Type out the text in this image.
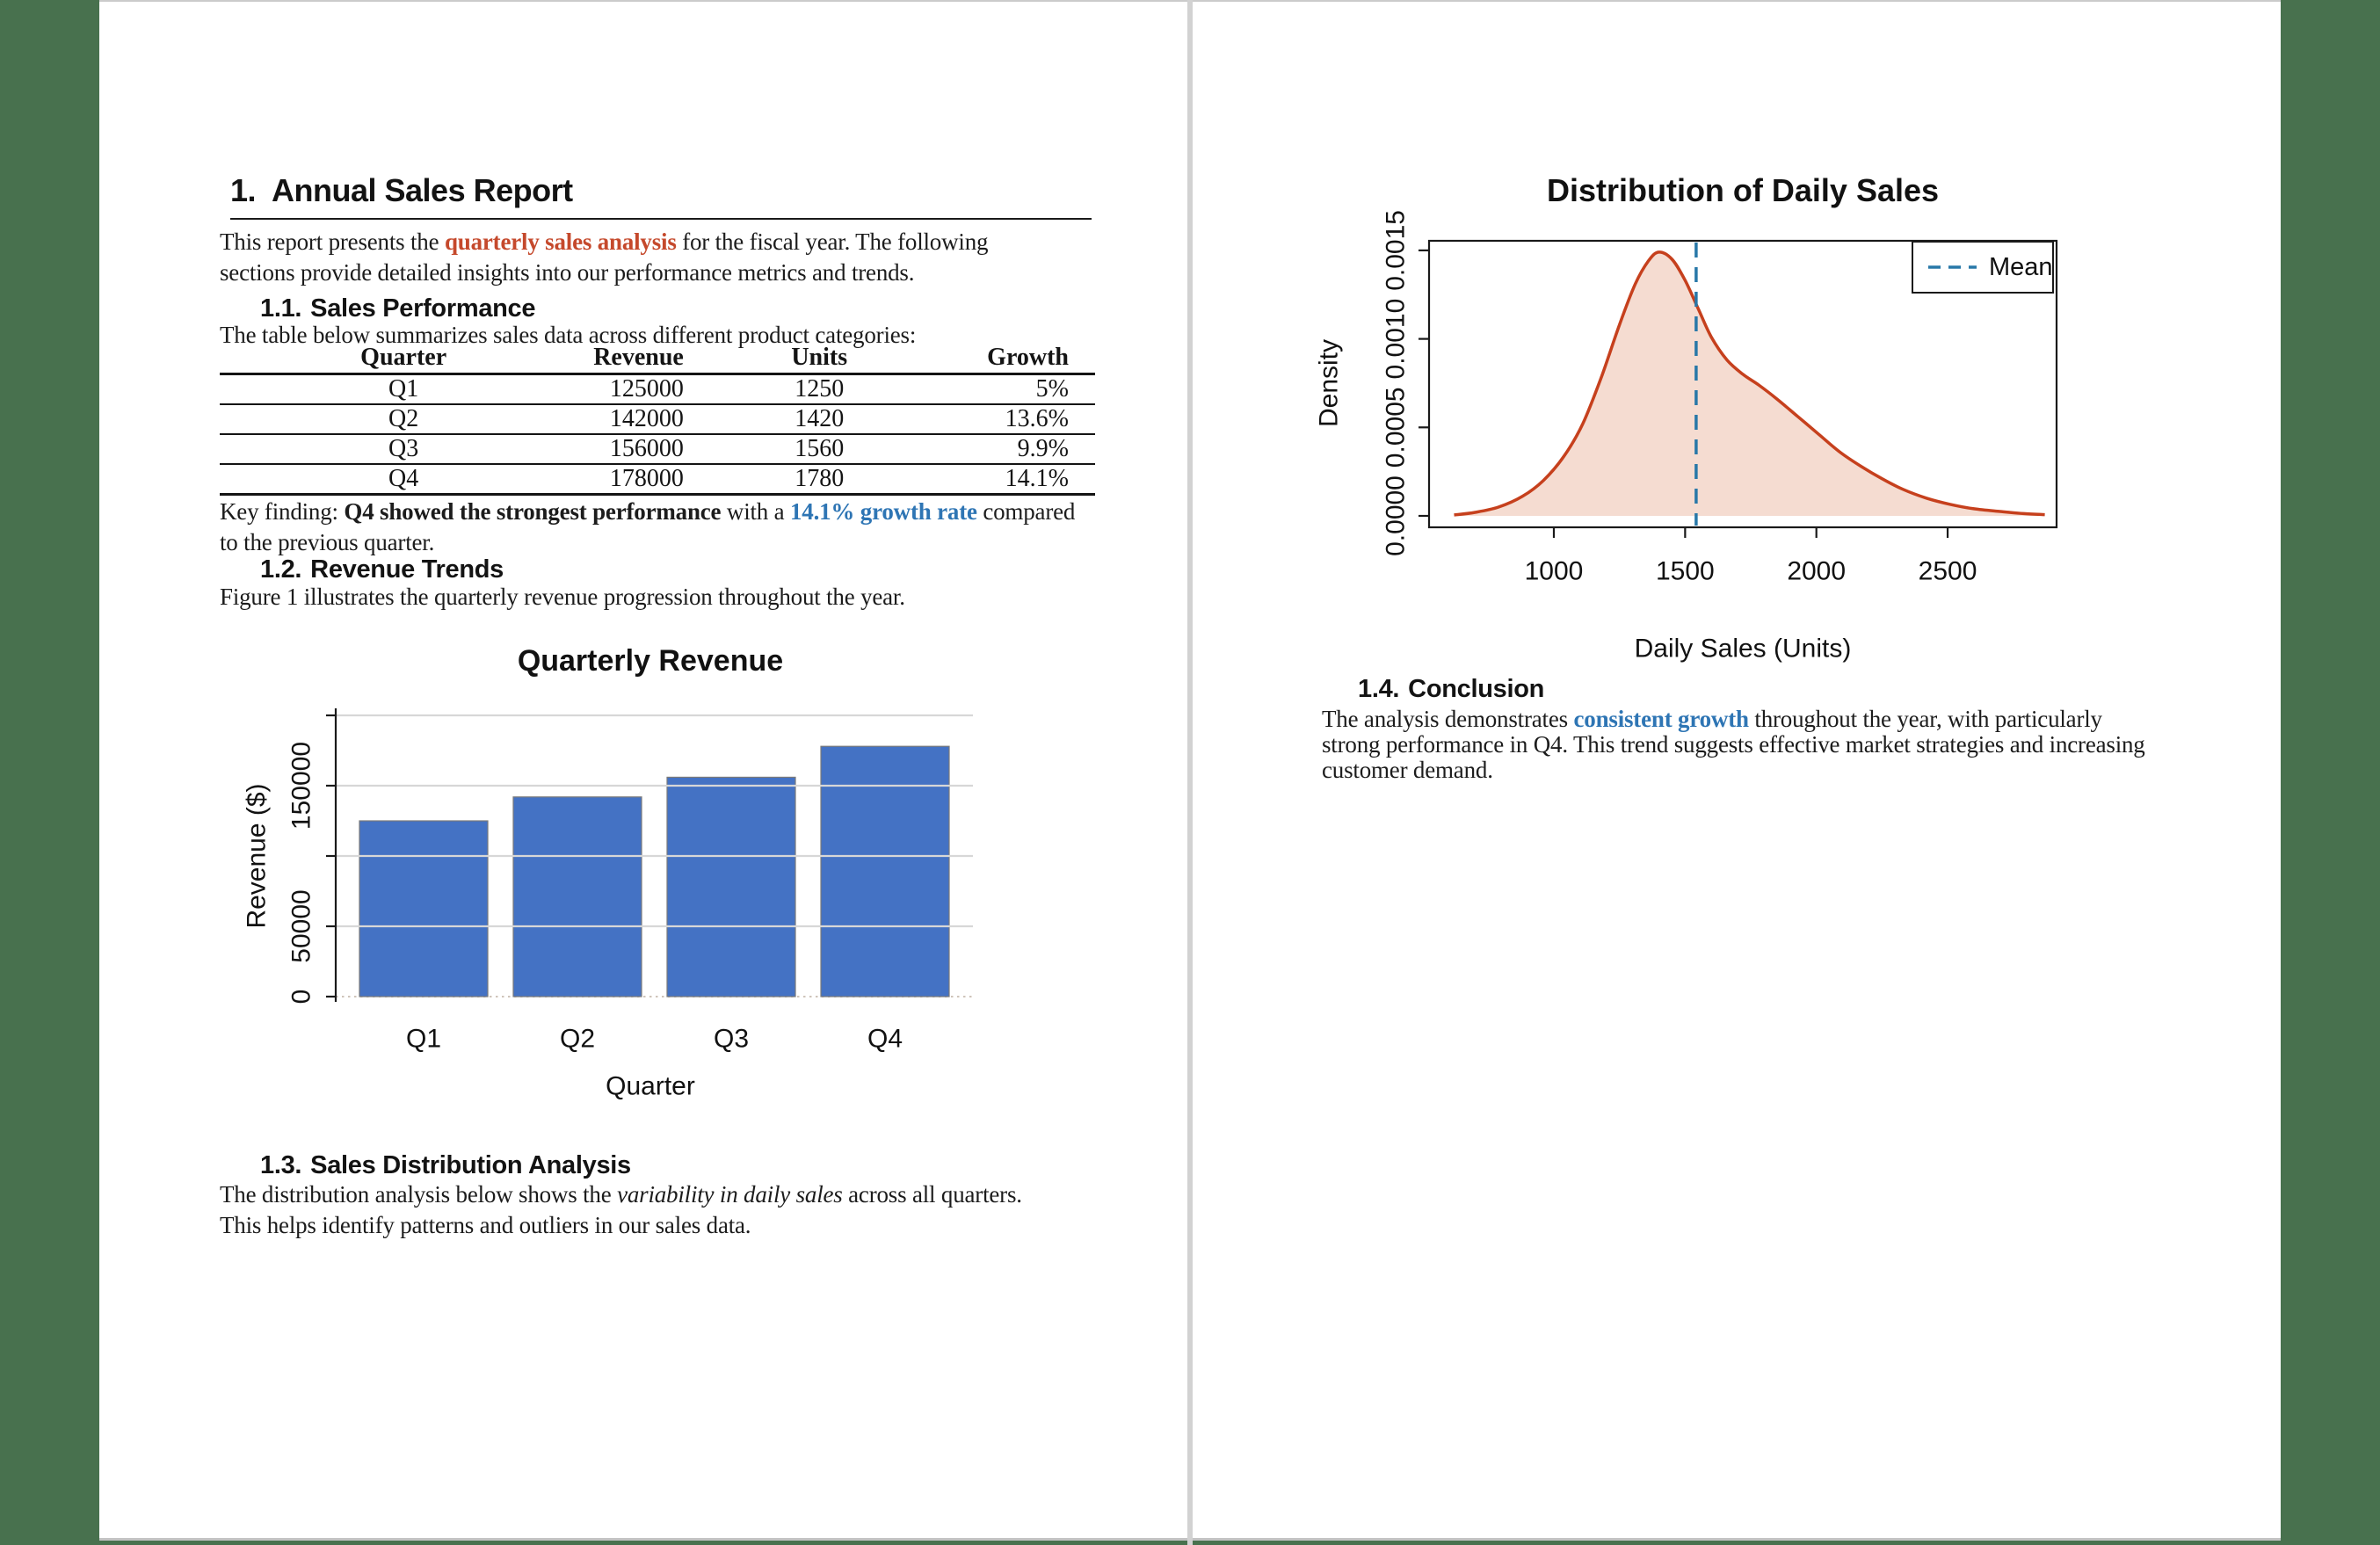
1. Annual Sales Report
This report presents the quarterly sales analysis for the fiscal year. The following
sections provide detailed insights into our performance metrics and trends.
1.1. Sales Performance
The table below summarizes sales data across different product categories:
Quarter	Revenue	Units	Growth
Q1	125000	1250	5%
Q2	142000	1420	13.6%
Q3	156000	1560	9.9%
Q4	178000	1780	14.1%
Key finding: Q4 showed the strongest performance with a 14.1% growth rate compared
to the previous quarter.
1.2. Revenue Trends
Figure 1 illustrates the quarterly revenue progression throughout the year.
0
50000
150000
Q1	Q2	Q3	Q4
Quarter
Revenue ($)
Quarterly Revenue
1.3. Sales Distribution Analysis
The distribution analysis below shows the variability in daily sales across all quarters.
This helps identify patterns and outliers in our sales data.
1000	1500	2000	2500
0.0000
0.0005
0.0010
0.0015
Daily Sales (Units)
Density
Distribution of Daily Sales
Mean
1.4. Conclusion
The analysis demonstrates consistent growth throughout the year, with particularly
strong performance in Q4. This trend suggests effective market strategies and increasing
customer demand.
